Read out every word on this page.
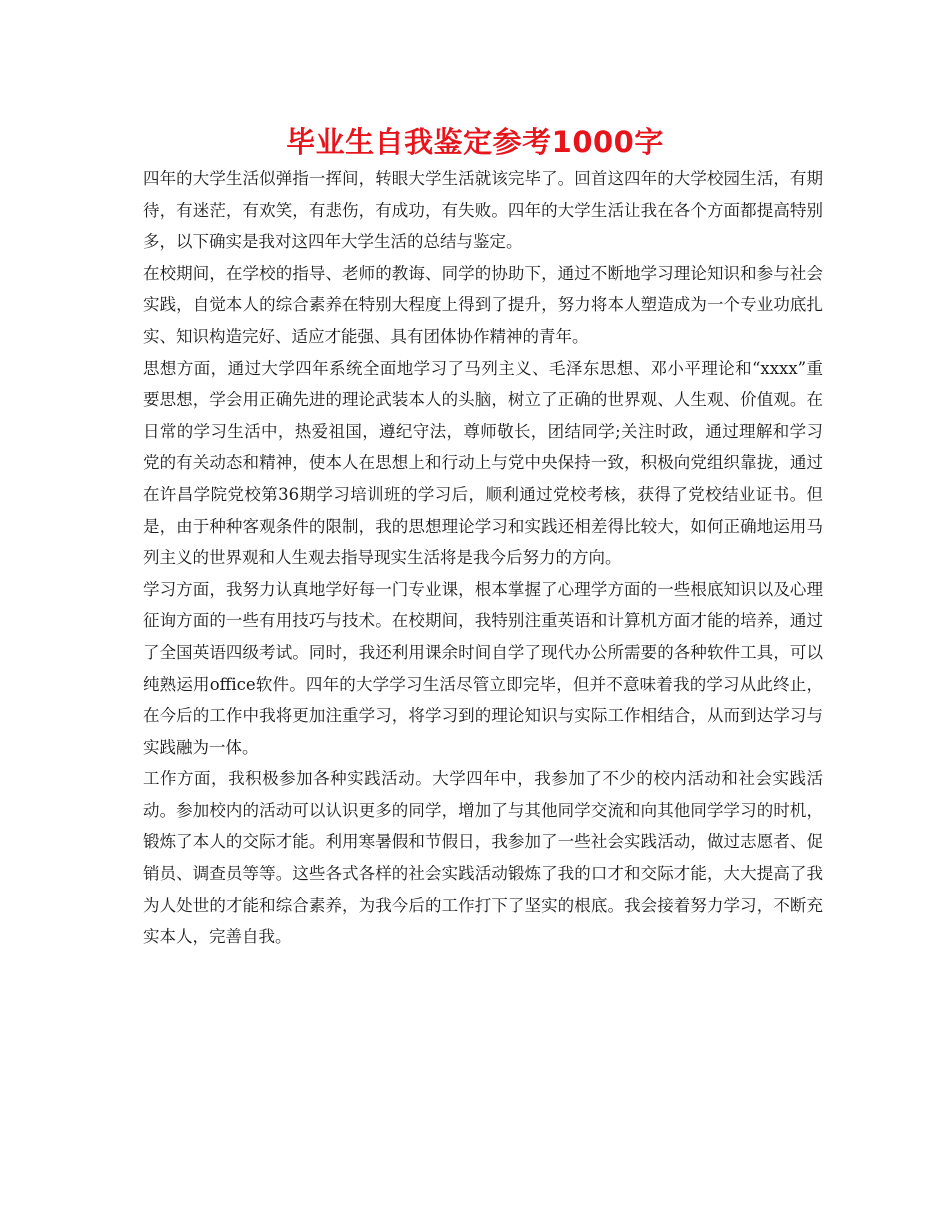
毕业生自我鉴定参考1000字

四年的大学生活似弹指一挥间，转眼大学生活就该完毕了。回首这四年的大学校园生活，有期待，有迷茫，有欢笑，有悲伤，有成功，有失败。四年的大学生活让我在各个方面都提高特别多，以下确实是我对这四年大学生活的总结与鉴定。

在校期间，在学校的指导、老师的教诲、同学的协助下，通过不断地学习理论知识和参与社会实践，自觉本人的综合素养在特别大程度上得到了提升，努力将本人塑造成为一个专业功底扎实、知识构造完好、适应才能强、具有团体协作精神的青年。

思想方面，通过大学四年系统全面地学习了马列主义、毛泽东思想、邓小平理论和“xxxx”重要思想，学会用正确先进的理论武装本人的头脑，树立了正确的世界观、人生观、价值观。在日常的学习生活中，热爱祖国，遵纪守法，尊师敬长，团结同学;关注时政，通过理解和学习党的有关动态和精神，使本人在思想上和行动上与党中央保持一致，积极向党组织靠拢，通过在许昌学院党校第36期学习培训班的学习后，顺利通过党校考核，获得了党校结业证书。但是，由于种种客观条件的限制，我的思想理论学习和实践还相差得比较大，如何正确地运用马列主义的世界观和人生观去指导现实生活将是我今后努力的方向。

学习方面，我努力认真地学好每一门专业课，根本掌握了心理学方面的一些根底知识以及心理征询方面的一些有用技巧与技术。在校期间，我特别注重英语和计算机方面才能的培养，通过了全国英语四级考试。同时，我还利用课余时间自学了现代办公所需要的各种软件工具，可以纯熟运用office软件。四年的大学学习生活尽管立即完毕，但并不意味着我的学习从此终止，在今后的工作中我将更加注重学习，将学习到的理论知识与实际工作相结合，从而到达学习与实践融为一体。

工作方面，我积极参加各种实践活动。大学四年中，我参加了不少的校内活动和社会实践活动。参加校内的活动可以认识更多的同学，增加了与其他同学交流和向其他同学学习的时机，锻炼了本人的交际才能。利用寒暑假和节假日，我参加了一些社会实践活动，做过志愿者、促销员、调查员等等。这些各式各样的社会实践活动锻炼了我的口才和交际才能，大大提高了我为人处世的才能和综合素养，为我今后的工作打下了坚实的根底。我会接着努力学习，不断充实本人，完善自我。
